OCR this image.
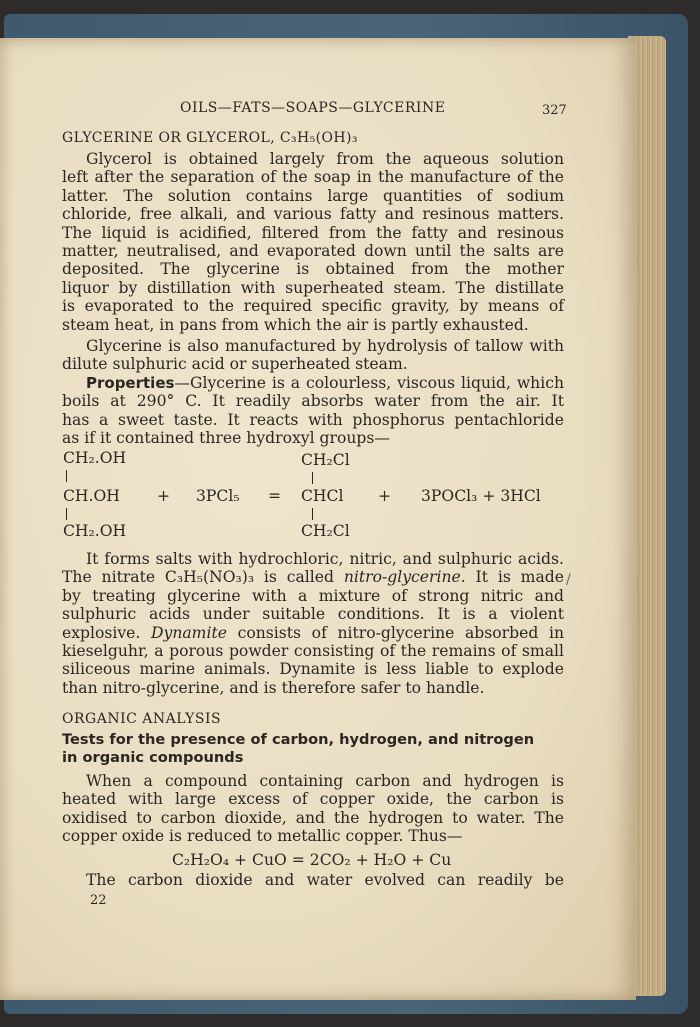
OILS—FATS—SOAPS—GLYCERINE	327
GLYCERINE OR GLYCEROL, C₃H₅(OH)₃

Glycerol is obtained largely from the aqueous solution

left after the separation of the soap in the manufacture of the

latter. The solution contains large quantities of sodium

chloride, free alkali, and various fatty and resinous matters.

The liquid is acidified, filtered from the fatty and resinous

matter, neutralised, and evaporated down until the salts are

deposited. The glycerine is obtained from the mother

liquor by distillation with superheated steam. The distillate

is evaporated to the required specific gravity, by means of

steam heat, in pans from which the air is partly exhausted.

Glycerine is also manufactured by hydrolysis of tallow with

dilute sulphuric acid or superheated steam.

Properties—Glycerine is a colourless, viscous liquid, which

boils at 290° C. It readily absorbs water from the air. It

has a sweet taste. It reacts with phosphorus pentachloride

as if it contained three hydroxyl groups—

CH₂.OH
CH.OH
CH₂.OH
+ 3PCl₅ =
CH₂Cl
CHCl
CH₂Cl
+ 3POCl₃ + 3HCl

It forms salts with hydrochloric, nitric, and sulphuric acids.

The nitrate C₃H₅(NO₃)₃ is called nitro-glycerine. It is made

by treating glycerine with a mixture of strong nitric and

sulphuric acids under suitable conditions. It is a violent

explosive. Dynamite consists of nitro-glycerine absorbed in

kieselguhr, a porous powder consisting of the remains of small

siliceous marine animals. Dynamite is less liable to explode

than nitro-glycerine, and is therefore safer to handle.

ORGANIC ANALYSIS
Tests for the presence of carbon, hydrogen, and nitrogen in organic compounds

When a compound containing carbon and hydrogen is

heated with large excess of copper oxide, the carbon is

oxidised to carbon dioxide, and the hydrogen to water. The

copper oxide is reduced to metallic copper. Thus—

C₂H₂O₄ + CuO = 2CO₂ + H₂O + Cu

The carbon dioxide and water evolved can readily be

22
/
